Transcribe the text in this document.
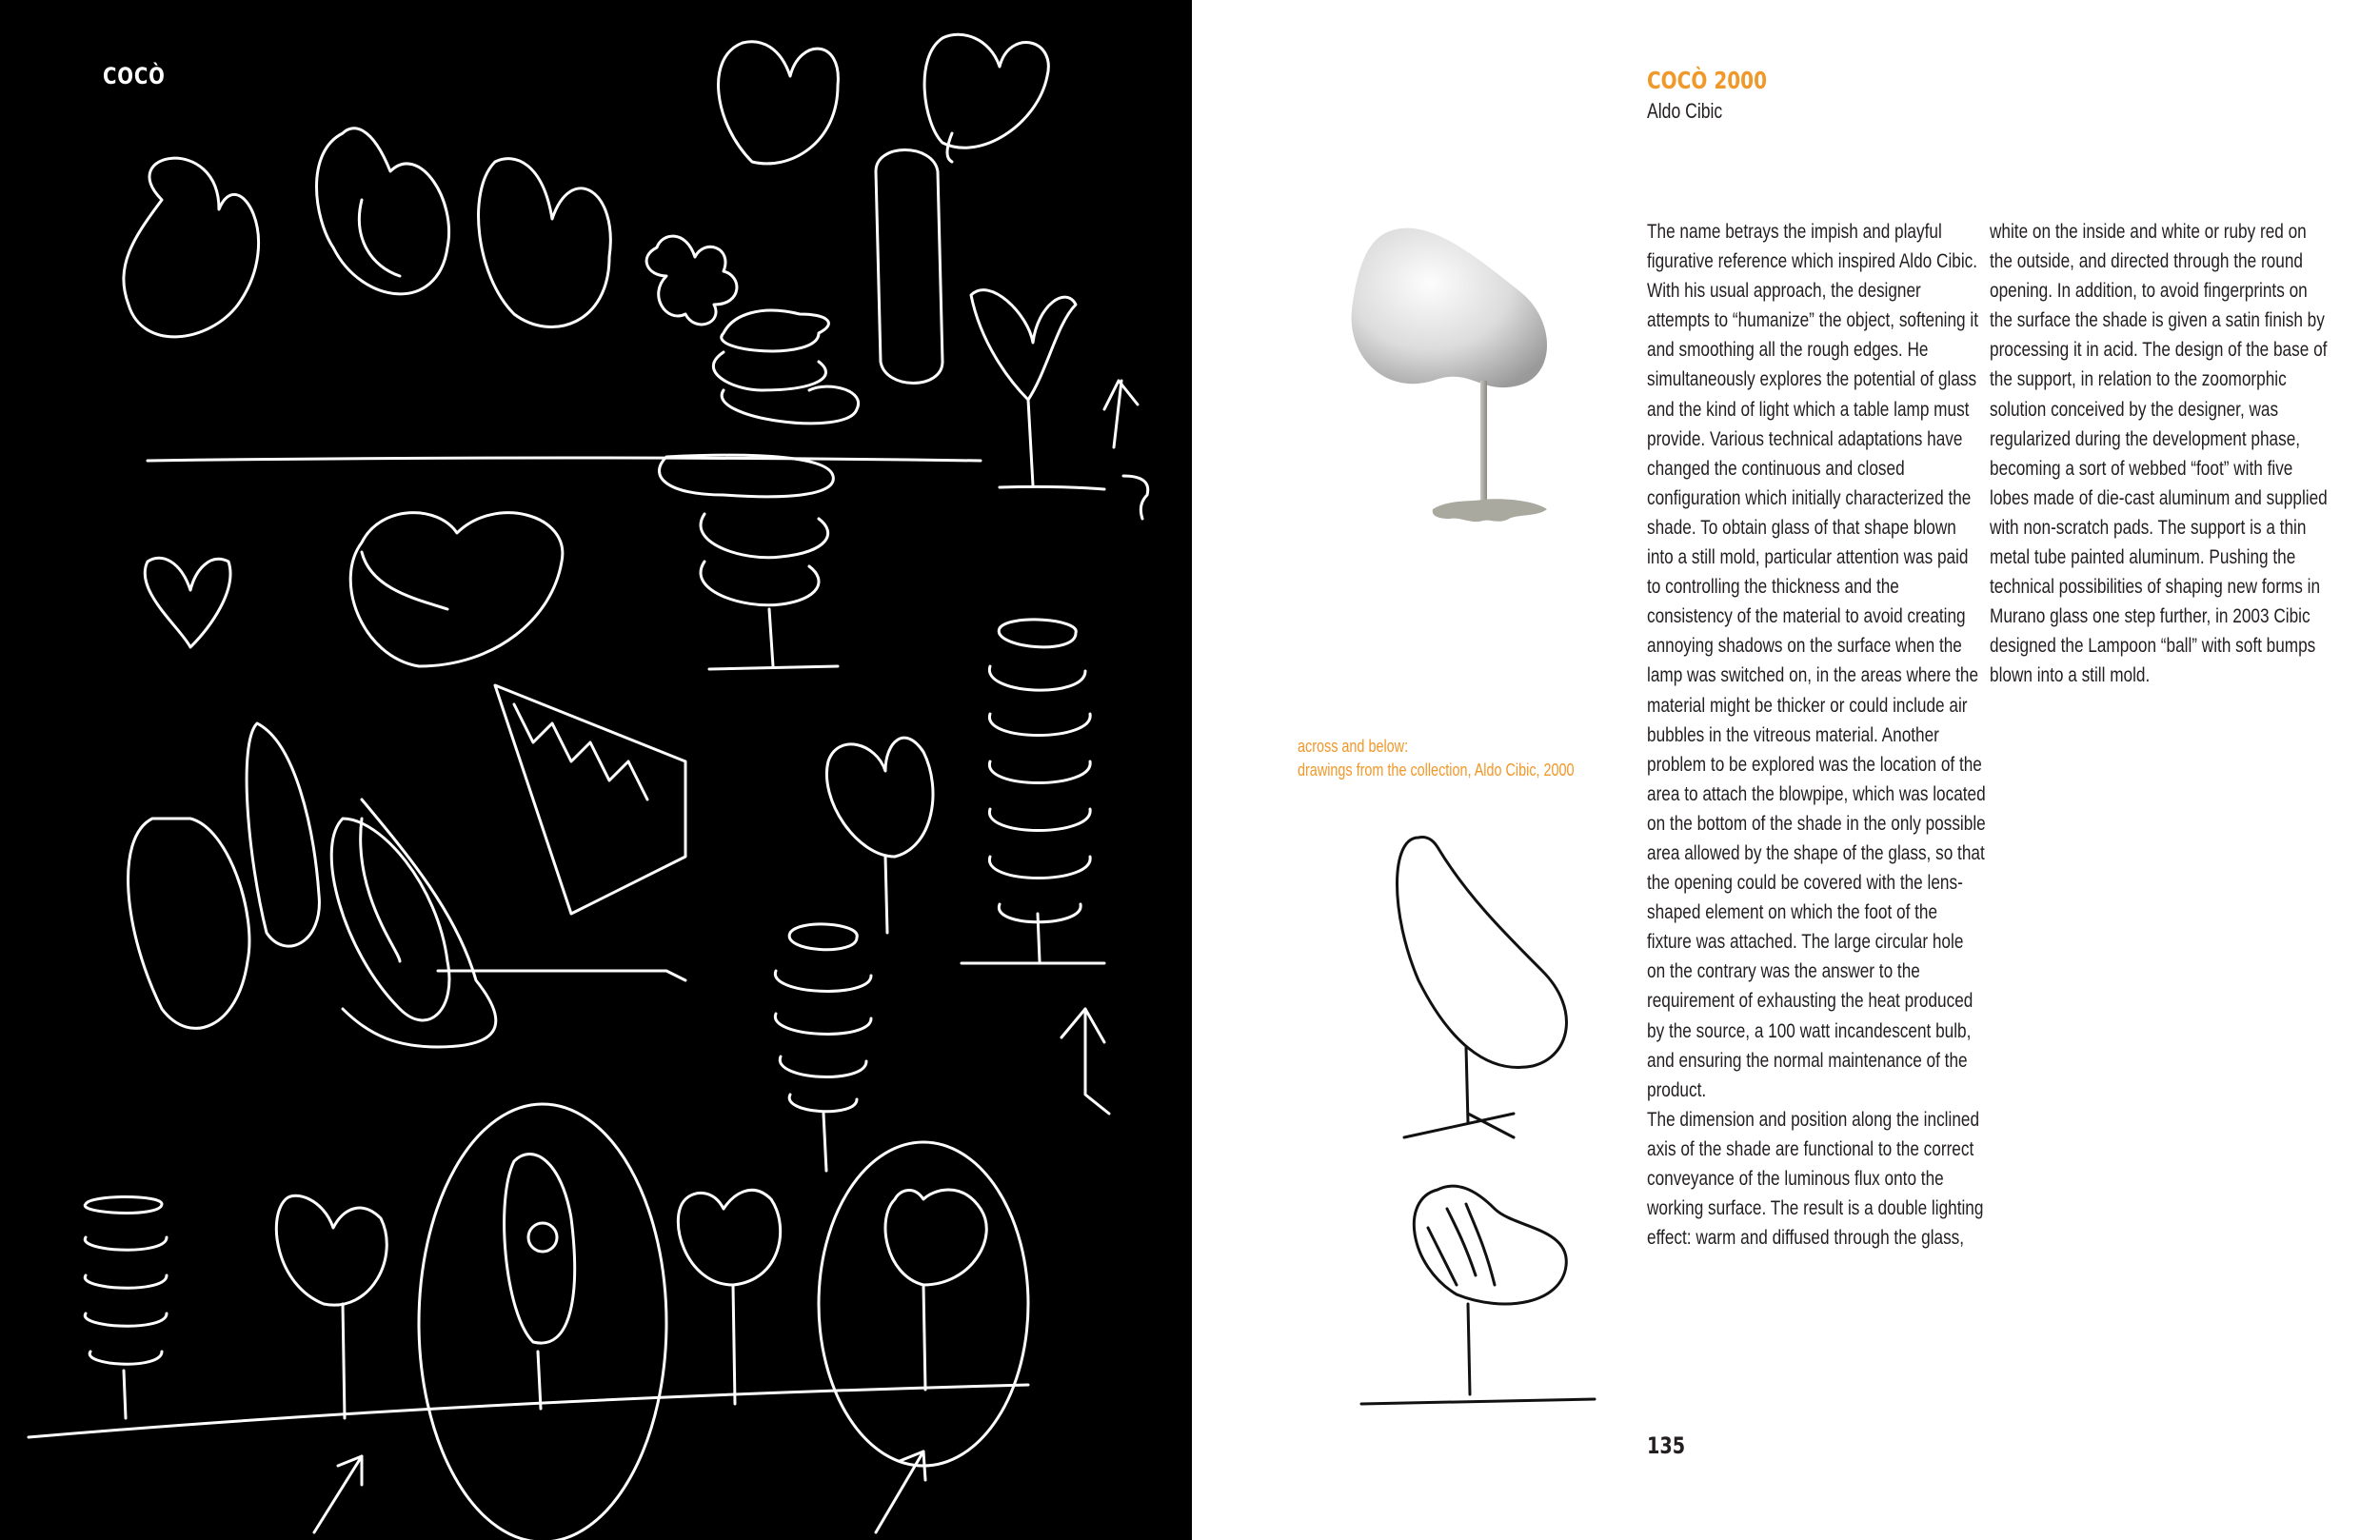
COCÒ	COCÒ 2000
Aldo Cibic
across and below:
drawings from the collection, Aldo Cibic, 2000

The name betrays the impish and playful figurative reference which inspired Aldo Cibic. With his usual approach, the designer attempts to “humanize” the object, softening it and smoothing all the rough edges. He simultaneously explores the potential of glass and the kind of light which a table lamp must provide. Various technical adaptations have changed the continuous and closed configuration which initially characterized the shade. To obtain glass of that shape blown into a still mold, particular attention was paid to controlling the thickness and the consistency of the material to avoid creating annoying shadows on the surface when the lamp was switched on, in the areas where the material might be thicker or could include air bubbles in the vitreous material. Another problem to be explored was the location of the area to attach the blowpipe, which was located on the bottom of the shade in the only possible area allowed by the shape of the glass, so that the opening could be covered with the lens-shaped element on which the foot of the fixture was attached. The large circular hole on the contrary was the answer to the requirement of exhausting the heat produced by the source, a 100 watt incandescent bulb, and ensuring the normal maintenance of the product.

The dimension and position along the inclined axis of the shade are functional to the correct conveyance of the luminous flux onto the working surface. The result is a double lighting effect: warm and diffused through the glass,

white on the inside and white or ruby red on the outside, and directed through the round opening. In addition, to avoid fingerprints on the surface the shade is given a satin finish by processing it in acid. The design of the base of the support, in relation to the zoomorphic solution conceived by the designer, was regularized during the development phase, becoming a sort of webbed “foot” with five lobes made of die-cast aluminum and supplied with non-scratch pads. The support is a thin metal tube painted aluminum. Pushing the technical possibilities of shaping new forms in Murano glass one step further, in 2003 Cibic designed the Lampoon “ball” with soft bumps blown into a still mold.

135
